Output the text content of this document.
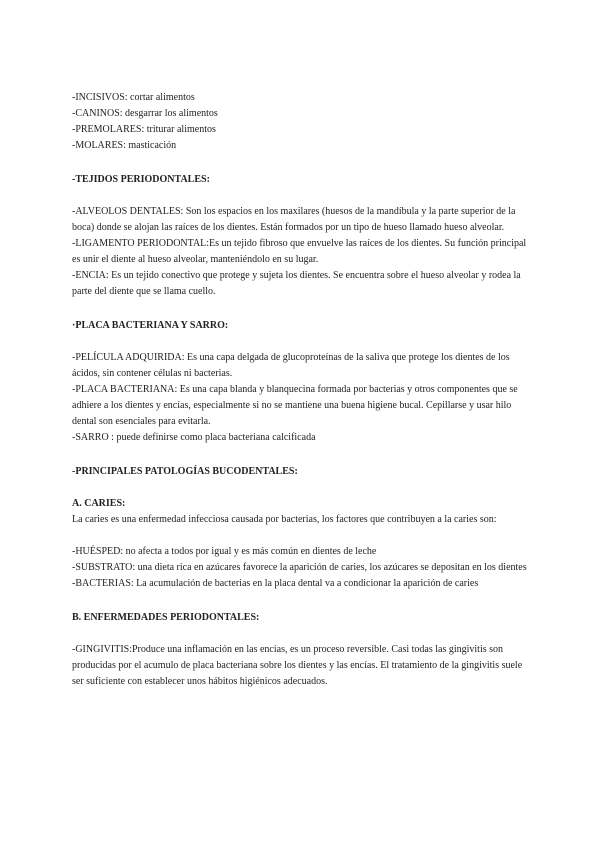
-INCISIVOS: cortar alimentos
-CANINOS: desgarrar los alimentos
-PREMOLARES: triturar alimentos
-MOLARES: masticación

-TEJIDOS PERIODONTALES:

-ALVEOLOS DENTALES: Son los espacios en los maxilares (huesos de la mandíbula y la parte superior de la boca) donde se alojan las raíces de los dientes. Están formados por un tipo de hueso llamado hueso alveolar.

-LIGAMENTO PERIODONTAL:Es un tejido fibroso que envuelve las raíces de los dientes. Su función principal es unir el diente al hueso alveolar, manteniéndolo en su lugar.

-ENCIA: Es un tejido conectivo que protege y sujeta los dientes. Se encuentra sobre el hueso alveolar y rodea la parte del diente que se llama cuello.

·PLACA BACTERIANA Y SARRO:

-PELÍCULA ADQUIRIDA: Es una capa delgada de glucoproteínas de la saliva que protege los dientes de los ácidos, sin contener células ni bacterias.

-PLACA BACTERIANA: Es una capa blanda y blanquecina formada por bacterias y otros componentes que se adhiere a los dientes y encías, especialmente si no se mantiene una buena higiene bucal. Cepillarse y usar hilo dental son esenciales para evitarla.

-SARRO : puede definirse como placa bacteriana calcificada

-PRINCIPALES PATOLOGÍAS BUCODENTALES:

A. CARIES:

La caries es una enfermedad infecciosa causada por bacterias, los factores que contribuyen a la caries son:

-HUÉSPED: no afecta a todos por igual y es más común en dientes de leche

-SUBSTRATO: una dieta rica en azúcares favorece la aparición de caries, los azúcares se depositan en los dientes

-BACTERIAS: La acumulación de bacterias en la placa dental va a condicionar la aparición de caries

B. ENFERMEDADES PERIODONTALES:

-GINGIVITIS:Produce una inflamación en las encías, es un proceso reversible. Casi todas las gingivitis son producidas por el acumulo de placa bacteriana sobre los dientes y las encías. El tratamiento de la gingivitis suele ser suficiente con establecer unos hábitos higiénicos adecuados.
